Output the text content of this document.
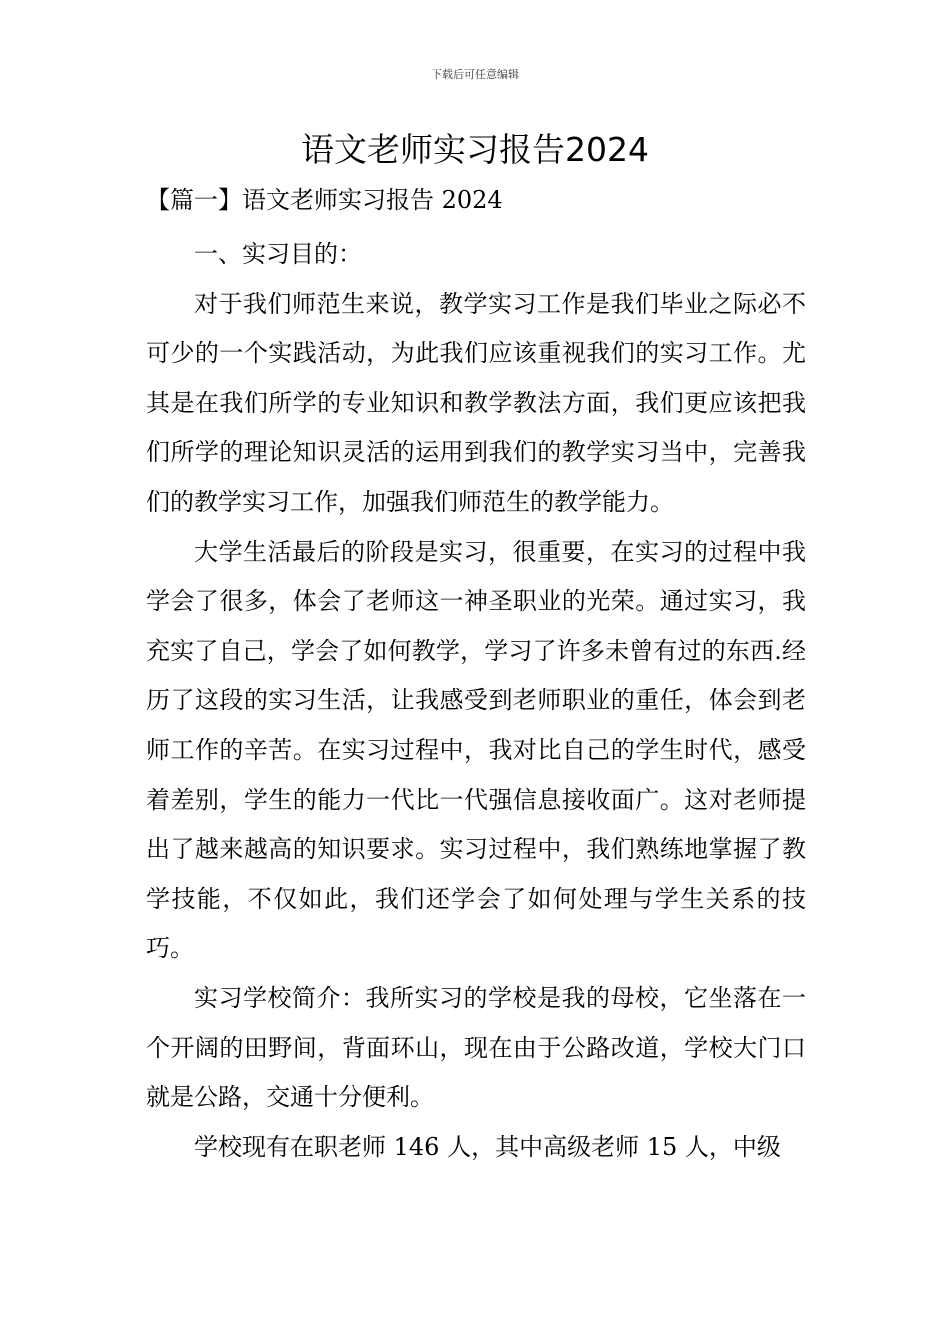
下载后可任意编辑
语文老师实习报告2024
【篇一】语文老师实习报告 2024

一、实习目的：

对于我们师范生来说，教学实习工作是我们毕业之际必不可少的一个实践活动，为此我们应该重视我们的实习工作。尤其是在我们所学的专业知识和教学教法方面，我们更应该把我们所学的理论知识灵活的运用到我们的教学实习当中，完善我们的教学实习工作，加强我们师范生的教学能力。

大学生活最后的阶段是实习，很重要，在实习的过程中我学会了很多，体会了老师这一神圣职业的光荣。通过实习，我充实了自己，学会了如何教学，学习了许多未曾有过的东西.经历了这段的实习生活，让我感受到老师职业的重任，体会到老师工作的辛苦。在实习过程中，我对比自己的学生时代，感受着差别，学生的能力一代比一代强信息接收面广。这对老师提出了越来越高的知识要求。实习过程中，我们熟练地掌握了教学技能，不仅如此，我们还学会了如何处理与学生关系的技巧。

实习学校简介：我所实习的学校是我的母校，它坐落在一个开阔的田野间，背面环山，现在由于公路改道，学校大门口就是公路，交通十分便利。

学校现有在职老师 146 人，其中高级老师 15 人，中级
